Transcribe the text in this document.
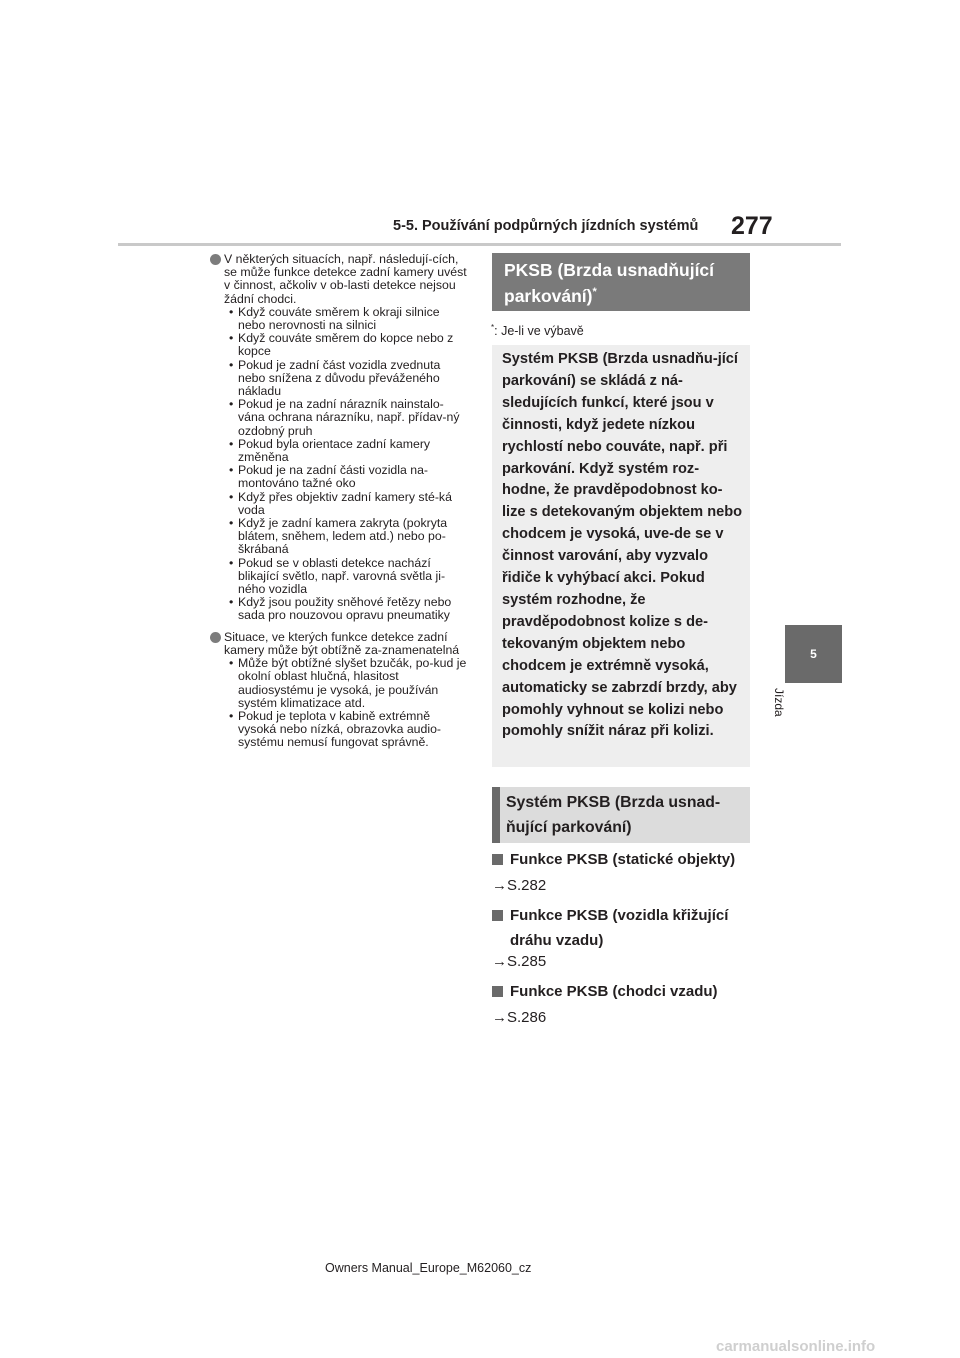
5-5. Používání podpůrných jízdních systémů 277
5
Jízda
V některých situacích, např. následují-cích, se může funkce detekce zadní kamery uvést v činnost, ačkoliv v ob-lasti detekce nejsou žádní chodci.
• Když couváte směrem k okraji silnice nebo nerovnosti na silnici
• Když couváte směrem do kopce nebo z kopce
• Pokud je zadní část vozidla zvednuta nebo snížena z důvodu převáženého nákladu
• Pokud je na zadní nárazník nainstalo-vána ochrana nárazníku, např. přídav-ný ozdobný pruh
• Pokud byla orientace zadní kamery změněna
• Pokud je na zadní části vozidla na-montováno tažné oko
• Když přes objektiv zadní kamery sté-ká voda
• Když je zadní kamera zakryta (pokryta blátem, sněhem, ledem atd.) nebo po-škrábaná
• Pokud se v oblasti detekce nachází blikající světlo, např. varovná světla ji-ného vozidla
• Když jsou použity sněhové řetězy nebo sada pro nouzovou opravu pneumatiky
Situace, ve kterých funkce detekce zadní kamery může být obtížně za-znamenatelná
• Může být obtížné slyšet bzučák, po-kud je okolní oblast hlučná, hlasitost audiosystému je vysoká, je používán systém klimatizace atd.
• Pokud je teplota v kabině extrémně vysoká nebo nízká, obrazovka audio-systému nemusí fungovat správně.
PKSB (Brzda usnadňující parkování)*
*: Je-li ve výbavě
Systém PKSB (Brzda usnadňu-jící parkování) se skládá z ná-sledujících funkcí, které jsou v činnosti, když jedete nízkou rychlostí nebo couváte, např. při parkování. Když systém roz-hodne, že pravděpodobnost ko-lize s detekovaným objektem nebo chodcem je vysoká, uve-de se v činnost varování, aby vyzvalo řidiče k vyhýbací akci. Pokud systém rozhodne, že pravděpodobnost kolize s de-tekovaným objektem nebo chodcem je extrémně vysoká, automaticky se zabrzdí brzdy, aby pomohly vyhnout se kolizi nebo pomohly snížit náraz při kolizi.
Systém PKSB (Brzda usnad-ňující parkování)
Funkce PKSB (statické objekty)
→S.282
Funkce PKSB (vozidla křižující dráhu vzadu)
→S.285
Funkce PKSB (chodci vzadu)
→S.286
Owners Manual_Europe_M62060_cz
carmanualsonline.info
